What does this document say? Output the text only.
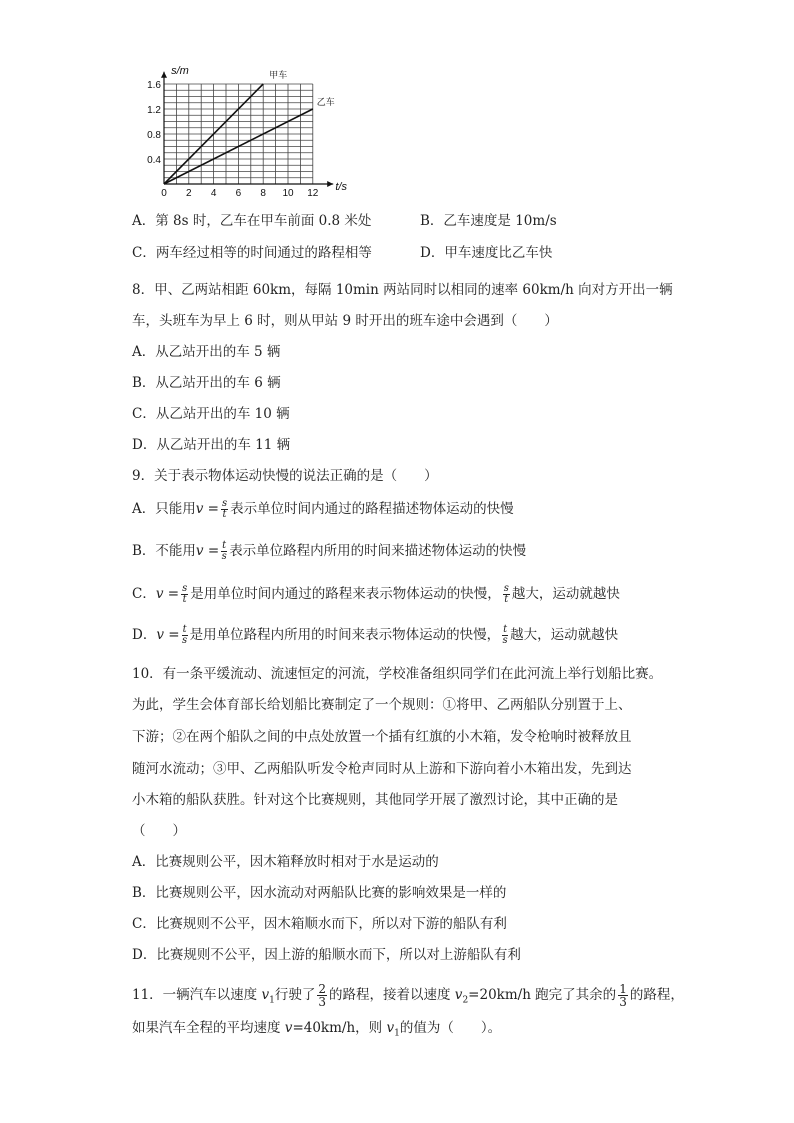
0 2 4 6 8 10 12
0.4
0.8
1.2
1.6
t/s
s/m	甲车
乙车
A．第 8s 时，乙车在甲车前面 0.8 米处	B．乙车速度是 10m/s
C．两车经过相等的时间通过的路程相等	D．甲车速度比乙车快
8．甲、乙两站相距 60km，每隔 10min 两站同时以相同的速率 60km/h 向对方开出一辆
车，头班车为早上 6 时，则从甲站 9 时开出的班车途中会遇到（　　）
A．从乙站开出的车 5 辆
B．从乙站开出的车 6 辆
C．从乙站开出的车 10 辆
D．从乙站开出的车 11 辆
9．关于表示物体运动快慢的说法正确的是（　　）
A．只能用$v = \frac{s}{t}$ 表示单位时间内通过的路程描述物体运动的快慢
B．不能用$v = \frac{t}{s}$ 表示单位路程内所用的时间来描述物体运动的快慢
C．$v = \frac{s}{t}$ 是用单位时间内通过的路程来表示物体运动的快慢， $\frac{s}{t}$ 越大，运动就越快
D．$v = \frac{t}{s}$ 是用单位路程内所用的时间来表示物体运动的快慢， $\frac{t}{s}$ 越大，运动就越快
10．有一条平缓流动、流速恒定的河流，学校准备组织同学们在此河流上举行划船比赛。
为此，学生会体育部长给划船比赛制定了一个规则：①将甲、乙两船队分别置于上、
下游；②在两个船队之间的中点处放置一个插有红旗的小木箱，发令枪响时被释放且
随河水流动；③甲、乙两船队听发令枪声同时从上游和下游向着小木箱出发，先到达
小木箱的船队获胜。针对这个比赛规则，其他同学开展了激烈讨论，其中正确的是
（　　）
A．比赛规则公平，因木箱释放时相对于水是运动的
B．比赛规则公平，因水流动对两船队比赛的影响效果是一样的
C．比赛规则不公平，因木箱顺水而下，所以对下游的船队有利
D．比赛规则不公平，因上游的船顺水而下，所以对上游船队有利
11．一辆汽车以速度 $v_1$行驶了 $\frac{2}{3}$ 的路程，接着以速度 $v_2=20km/h$ 跑完了其余的 $\frac{1}{3}$ 的路程，
如果汽车全程的平均速度 v=40km/h，则 $v_1$的值为（　　）。
